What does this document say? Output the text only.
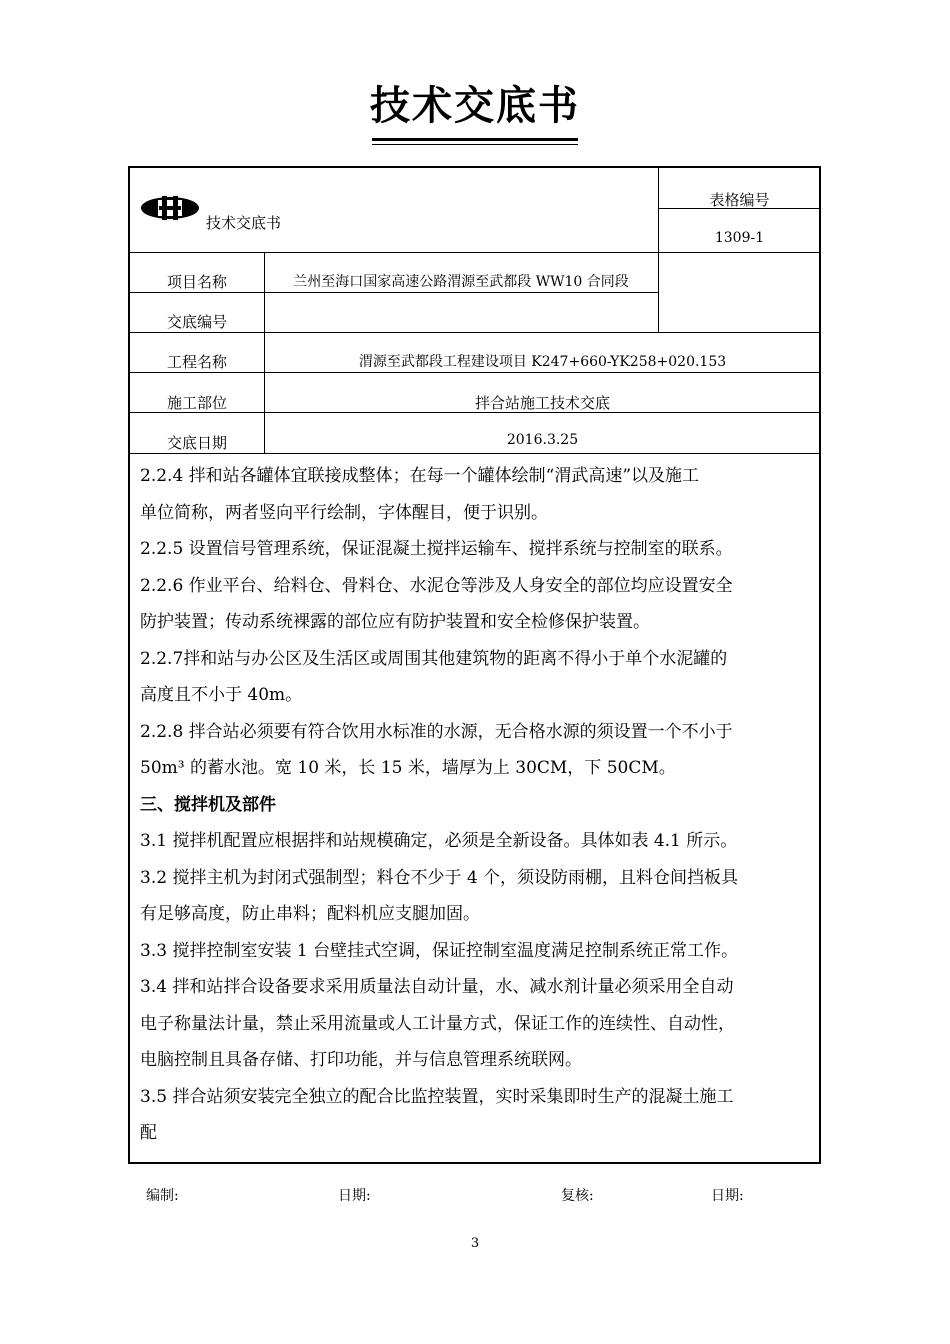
技术交底书
技术交底书
表格编号
1309-1
项目名称	兰州至海口国家高速公路渭源至武都段 WW10 合同段
交底编号
工程名称	渭源至武都段工程建设项目 K247+660-YK258+020.153
施工部位	拌合站施工技术交底
交底日期	2016.3.25

2.2.4 拌和站各罐体宜联接成整体；在每一个罐体绘制“渭武高速”以及施工

单位简称，两者竖向平行绘制，字体醒目，便于识别。

2.2.5 设置信号管理系统，保证混凝土搅拌运输车、搅拌系统与控制室的联系。

2.2.6 作业平台、给料仓、骨料仓、水泥仓等涉及人身安全的部位均应设置安全

防护装置；传动系统裸露的部位应有防护装置和安全检修保护装置。

2.2.7拌和站与办公区及生活区或周围其他建筑物的距离不得小于单个水泥罐的

高度且不小于 40m。

2.2.8 拌合站必须要有符合饮用水标准的水源，无合格水源的须设置一个不小于

50m³ 的蓄水池。宽 10 米，长 15 米，墙厚为上 30CM，下 50CM。

三、搅拌机及部件

3.1 搅拌机配置应根据拌和站规模确定，必须是全新设备。具体如表 4.1 所示。

3.2 搅拌主机为封闭式强制型；料仓不少于 4 个，须设防雨棚，且料仓间挡板具

有足够高度，防止串料；配料机应支腿加固。

3.3 搅拌控制室安装 1 台壁挂式空调，保证控制室温度满足控制系统正常工作。

3.4 拌和站拌合设备要求采用质量法自动计量，水、减水剂计量必须采用全自动

电子称量法计量，禁止采用流量或人工计量方式，保证工作的连续性、自动性，

电脑控制且具备存储、打印功能，并与信息管理系统联网。

3.5 拌合站须安装完全独立的配合比监控装置，实时采集即时生产的混凝土施工

配

编制:	日期:	复核:	日期:
3
